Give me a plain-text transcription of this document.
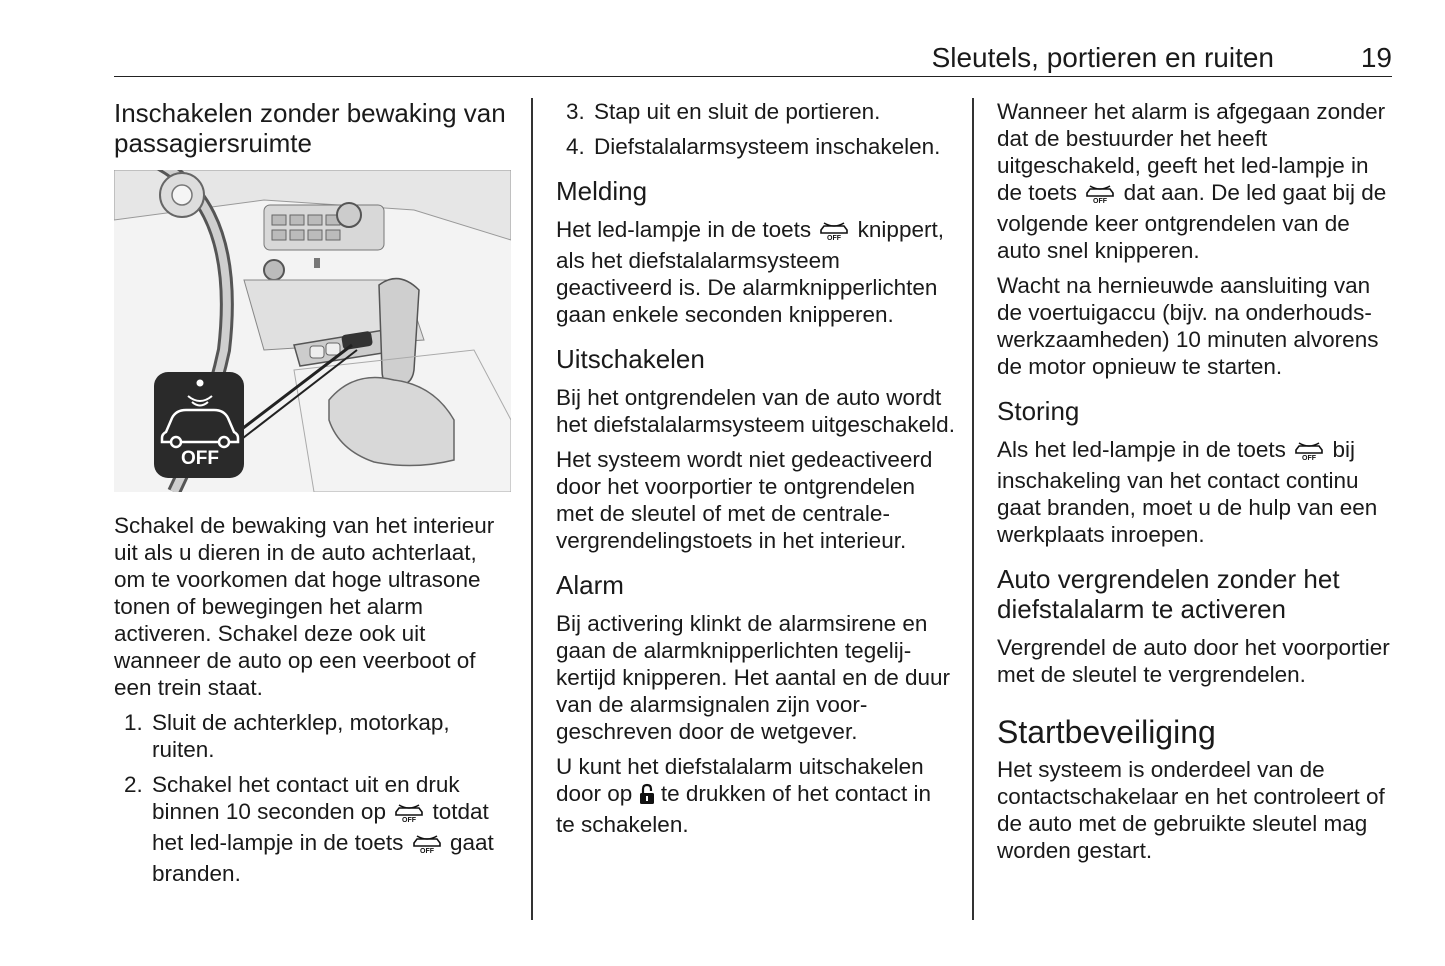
Sleutels, portieren en ruiten	19
Inschakelen zonder bewaking van passagiersruimte
OFF

Schakel de bewaking van het interieur uit als u dieren in de auto achterlaat, om te voorkomen dat hoge ultrasone tonen of bewegingen het alarm activeren. Schakel deze ook uit wanneer de auto op een veerboot of een trein staat.

1. Sluit de achterklep, motorkap, ruiten.
2. Schakel het contact uit en druk binnen 10 seconden op OFF totdat het led-lampje in de toets OFF gaat branden.
3. Stap uit en sluit de portieren.
4. Diefstalalarmsysteem inschakelen.
Melding

Het led-lampje in de toets OFF knippert, als het diefstalalarmsysteem geactiveerd is. De alarmknipperlichten gaan enkele seconden knipperen.

Uitschakelen

Bij het ontgrendelen van de auto wordt het diefstalalarmsysteem uitgeschakeld.

Het systeem wordt niet gedeactiveerd door het voorportier te ontgrendelen met de sleutel of met de centralevergrendelingstoets in het interieur.

Alarm

Bij activering klinkt de alarmsirene en gaan de alarmknipperlichten tegelijkertijd knipperen. Het aantal en de duur van de alarmsignalen zijn voorgeschreven door de wetgever.

U kunt het diefstalalarm uitschakelen door op te drukken of het contact in te schakelen.

Wanneer het alarm is afgegaan zonder dat de bestuurder het heeft uitgeschakeld, geeft het led-lampje in de toets OFF dat aan. De led gaat bij de volgende keer ontgrendelen van de auto snel knipperen.

Wacht na hernieuwde aansluiting van de voertuigaccu (bijv. na onderhoudswerkzaamheden) 10 minuten alvorens de motor opnieuw te starten.

Storing

Als het led-lampje in de toets OFF bij inschakeling van het contact continu gaat branden, moet u de hulp van een werkplaats inroepen.

Auto vergrendelen zonder het diefstalalarm te activeren

Vergrendel de auto door het voorportier met de sleutel te vergrendelen.

Startbeveiliging

Het systeem is onderdeel van de contactschakelaar en het controleert of de auto met de gebruikte sleutel mag worden gestart.
